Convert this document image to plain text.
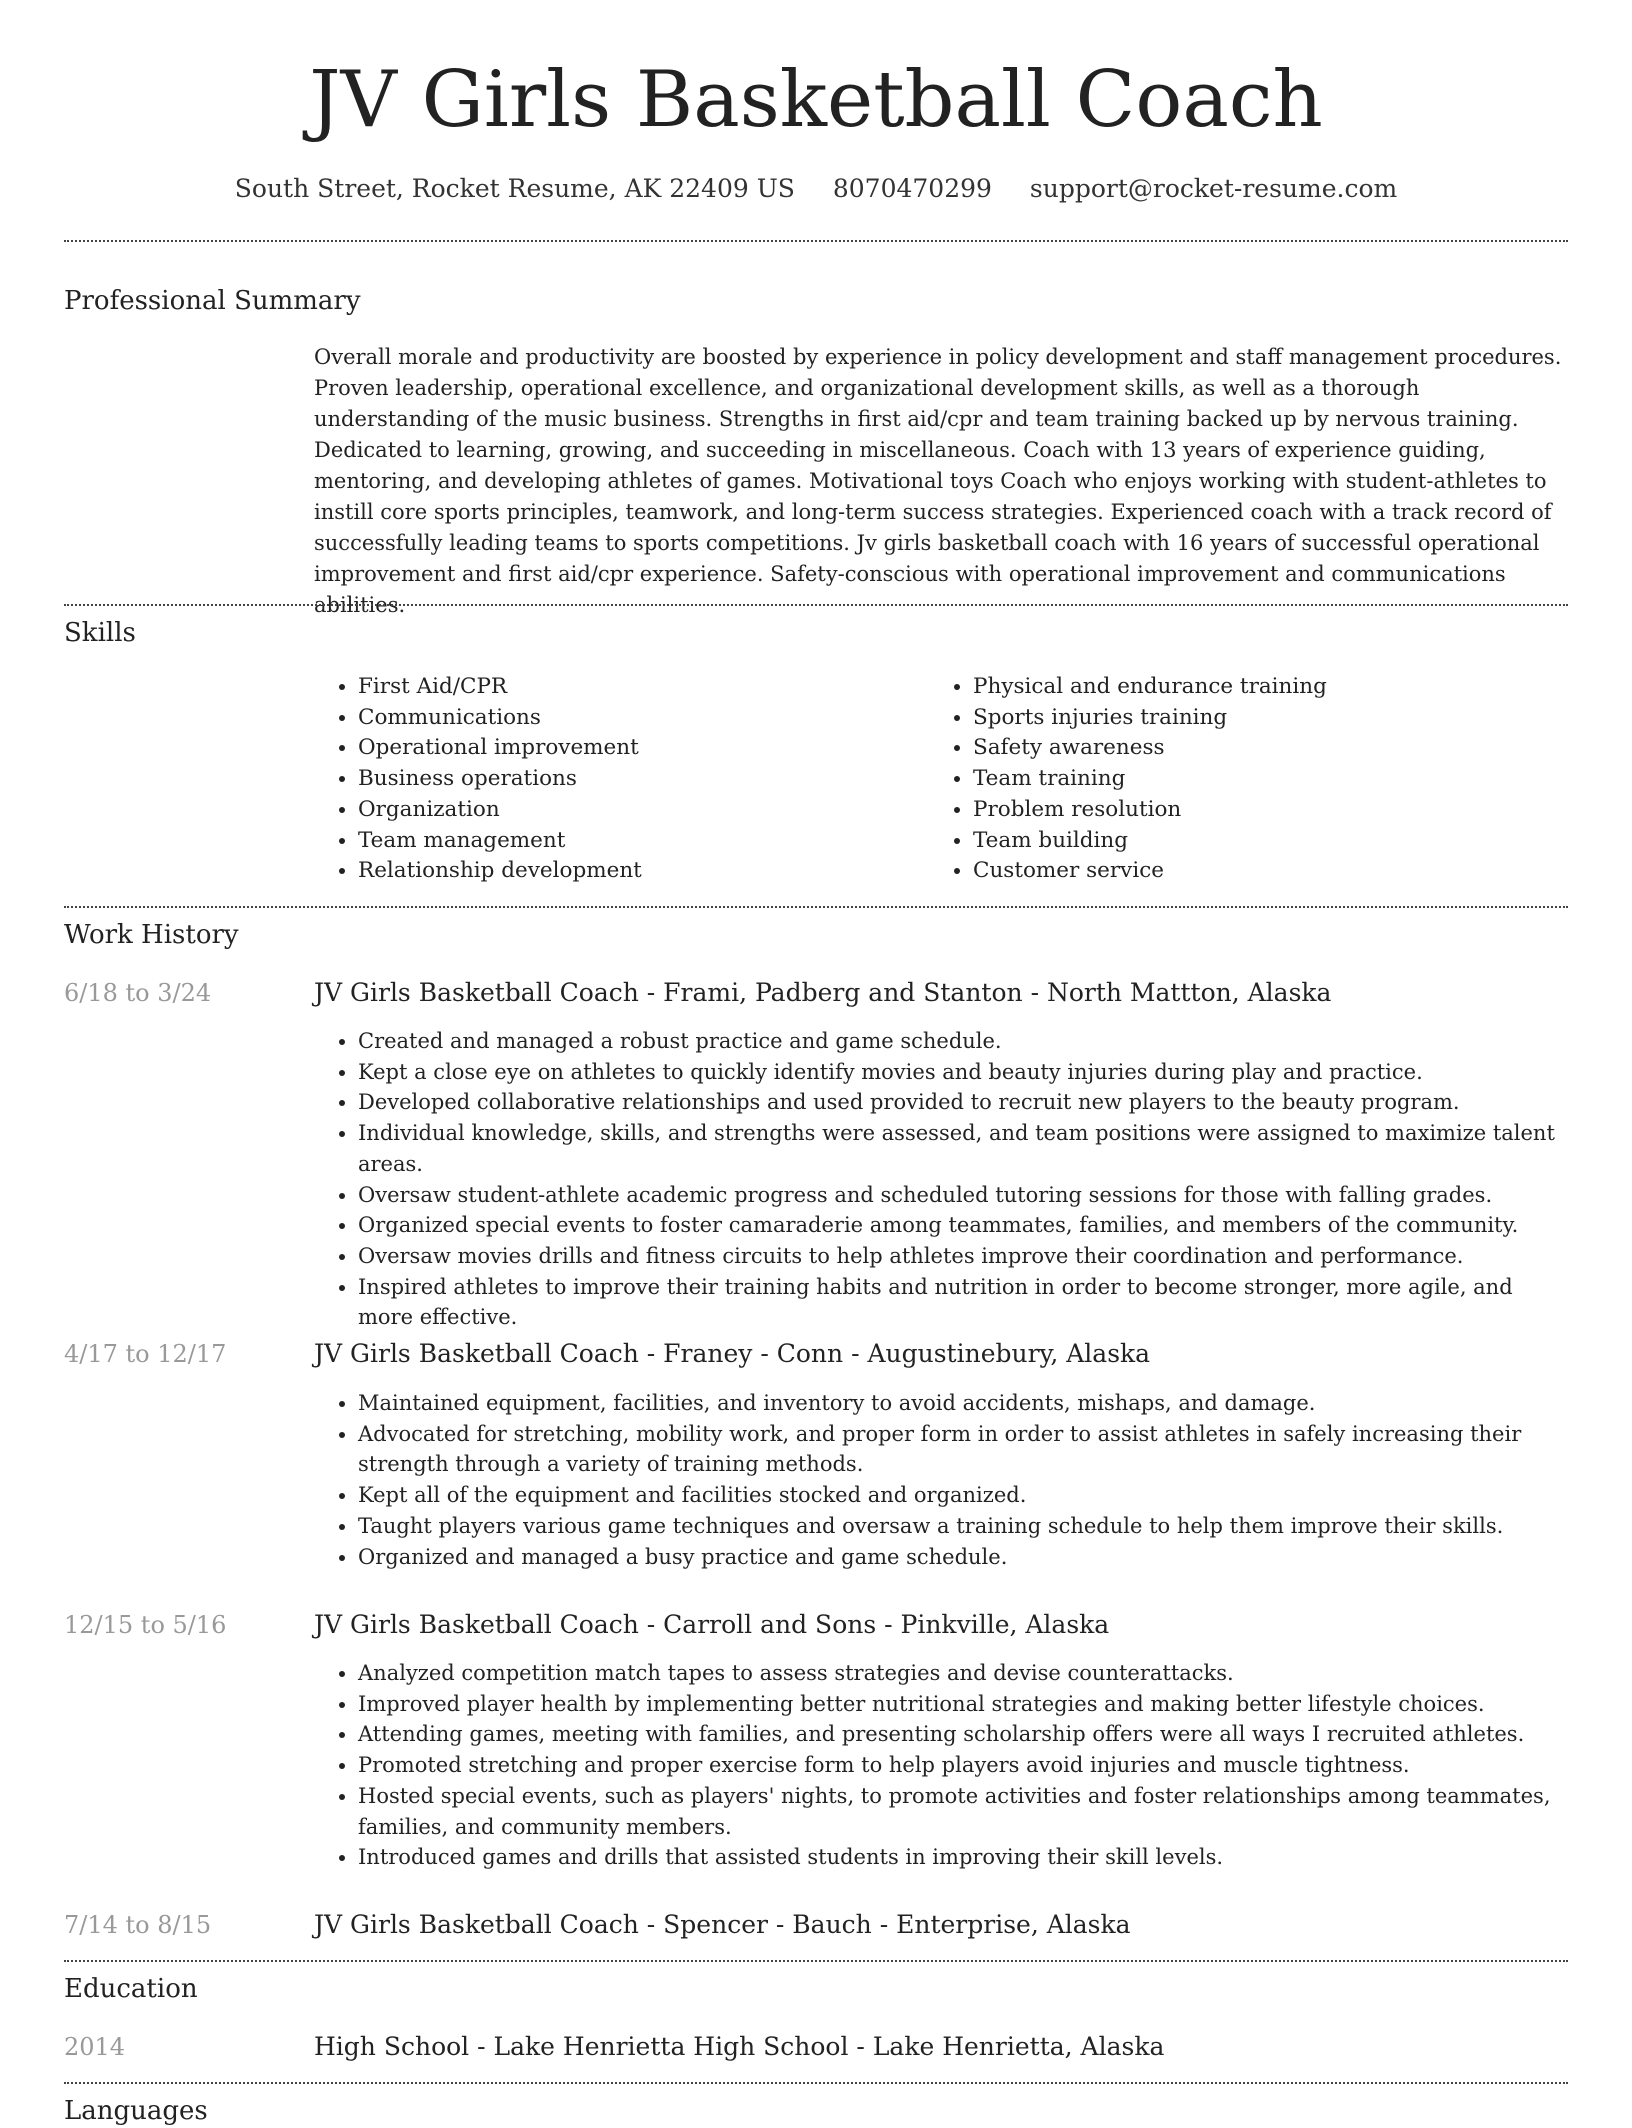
JV Girls Basketball Coach
South Street, Rocket Resume, AK 22409 US 8070470299 support@rocket-resume.com
Professional Summary

Overall morale and productivity are boosted by experience in policy development and staff management procedures. Proven leadership, operational excellence, and organizational development skills, as well as a thorough understanding of the music business. Strengths in first aid/cpr and team training backed up by nervous training. Dedicated to learning, growing, and succeeding in miscellaneous. Coach with 13 years of experience guiding, mentoring, and developing athletes of games. Motivational toys Coach who enjoys working with student-athletes to instill core sports principles, teamwork, and long-term success strategies. Experienced coach with a track record of successfully leading teams to sports competitions. Jv girls basketball coach with 16 years of successful operational improvement and first aid/cpr experience. Safety-conscious with operational improvement and communications abilities.

Skills
• First Aid/CPR
• Communications
• Operational improvement
• Business operations
• Organization
• Team management
• Relationship development
• Physical and endurance training
• Sports injuries training
• Safety awareness
• Team training
• Problem resolution
• Team building
• Customer service
Work History
6/18 to 3/24	JV Girls Basketball Coach - Frami, Padberg and Stanton - North Mattton, Alaska
• Created and managed a robust practice and game schedule.
• Kept a close eye on athletes to quickly identify movies and beauty injuries during play and practice.
• Developed collaborative relationships and used provided to recruit new players to the beauty program.
• Individual knowledge, skills, and strengths were assessed, and team positions were assigned to maximize talent areas.
• Oversaw student-athlete academic progress and scheduled tutoring sessions for those with falling grades.
• Organized special events to foster camaraderie among teammates, families, and members of the community.
• Oversaw movies drills and fitness circuits to help athletes improve their coordination and performance.
• Inspired athletes to improve their training habits and nutrition in order to become stronger, more agile, and more effective.
4/17 to 12/17	JV Girls Basketball Coach - Franey - Conn - Augustinebury, Alaska
• Maintained equipment, facilities, and inventory to avoid accidents, mishaps, and damage.
• Advocated for stretching, mobility work, and proper form in order to assist athletes in safely increasing their strength through a variety of training methods.
• Kept all of the equipment and facilities stocked and organized.
• Taught players various game techniques and oversaw a training schedule to help them improve their skills.
• Organized and managed a busy practice and game schedule.
12/15 to 5/16	JV Girls Basketball Coach - Carroll and Sons - Pinkville, Alaska
• Analyzed competition match tapes to assess strategies and devise counterattacks.
• Improved player health by implementing better nutritional strategies and making better lifestyle choices.
• Attending games, meeting with families, and presenting scholarship offers were all ways I recruited athletes.
• Promoted stretching and proper exercise form to help players avoid injuries and muscle tightness.
• Hosted special events, such as players' nights, to promote activities and foster relationships among teammates, families, and community members.
• Introduced games and drills that assisted students in improving their skill levels.
7/14 to 8/15	JV Girls Basketball Coach - Spencer - Bauch - Enterprise, Alaska
Education
2014	High School - Lake Henrietta High School - Lake Henrietta, Alaska
Languages
